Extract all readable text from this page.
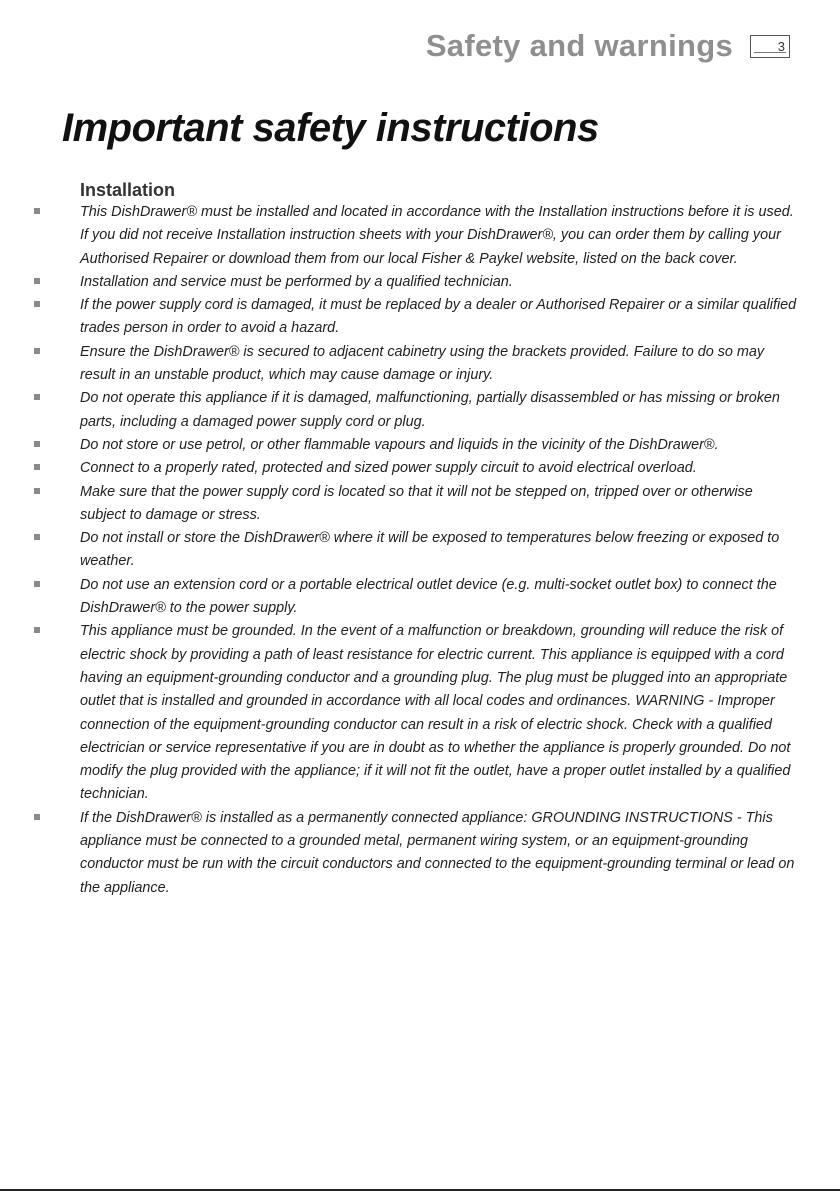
Safety and warnings	3
Important safety instructions
Installation
This DishDrawer® must be installed and located in accordance with the Installation instructions before it is used. If you did not receive Installation instruction sheets with your DishDrawer®, you can order them by calling your Authorised Repairer or download them from our local Fisher & Paykel website, listed on the back cover.
Installation and service must be performed by a qualified technician.
If the power supply cord is damaged, it must be replaced by a dealer or Authorised Repairer or a similar qualified trades person in order to avoid a hazard.
Ensure the DishDrawer® is secured to adjacent cabinetry using the brackets provided. Failure to do so may result in an unstable product, which may cause damage or injury.
Do not operate this appliance if it is damaged, malfunctioning, partially disassembled or has missing or broken parts, including a damaged power supply cord or plug.
Do not store or use petrol, or other flammable vapours and liquids in the vicinity of the DishDrawer®.
Connect to a properly rated, protected and sized power supply circuit to avoid electrical overload.
Make sure that the power supply cord is located so that it will not be stepped on, tripped over or otherwise subject to damage or stress.
Do not install or store the DishDrawer® where it will be exposed to temperatures below freezing or exposed to weather.
Do not use an extension cord or a portable electrical outlet device (e.g. multi-socket outlet box) to connect the DishDrawer® to the power supply.
This appliance must be grounded. In the event of a malfunction or breakdown, grounding will reduce the risk of electric shock by providing a path of least resistance for electric current. This appliance is equipped with a cord having an equipment-grounding conductor and a grounding plug. The plug must be plugged into an appropriate outlet that is installed and grounded in accordance with all local codes and ordinances. WARNING - Improper connection of the equipment-grounding conductor can result in a risk of electric shock. Check with a qualified electrician or service representative if you are in doubt as to whether the appliance is properly grounded. Do not modify the plug provided with the appliance; if it will not fit the outlet, have a proper outlet installed by a qualified technician.
If the DishDrawer® is installed as a permanently connected appliance: GROUNDING INSTRUCTIONS - This appliance must be connected to a grounded metal, permanent wiring system, or an equipment-grounding conductor must be run with the circuit conductors and connected to the equipment-grounding terminal or lead on the appliance.
